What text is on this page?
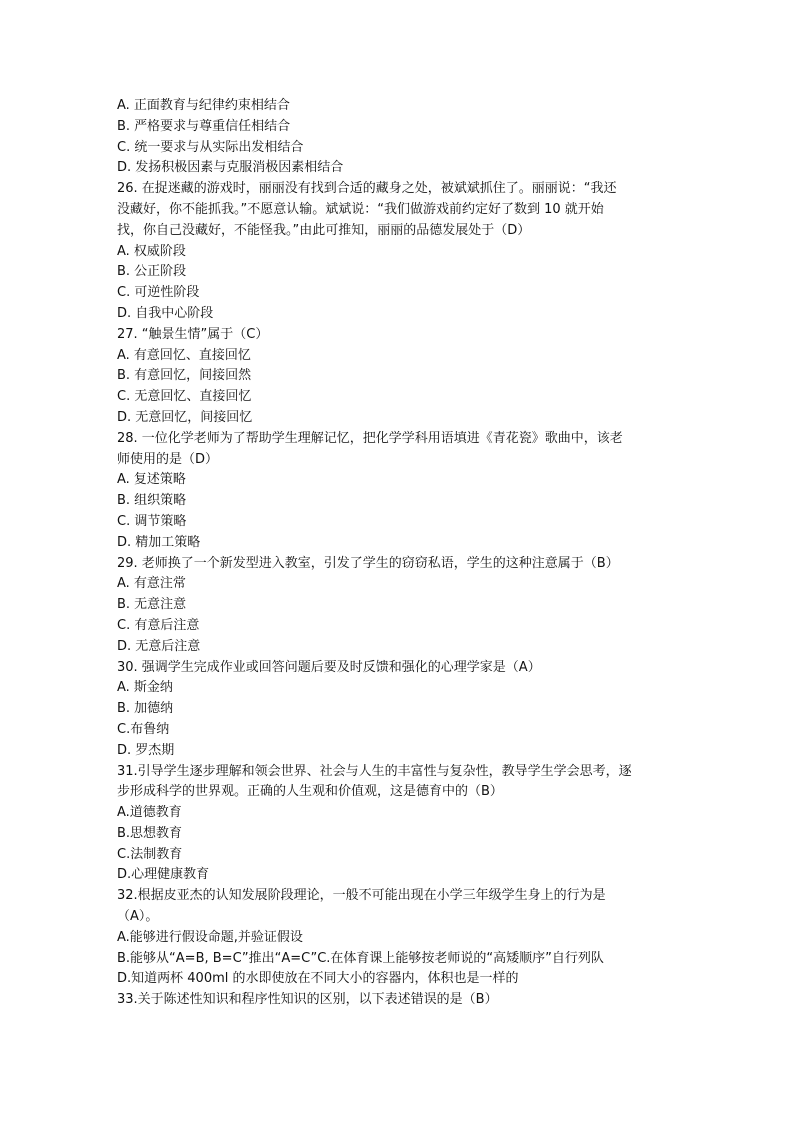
A. 正面教育与纪律约束相结合
B. 严格要求与尊重信任相结合
C. 统一要求与从实际出发相结合
D. 发扬积极因素与克服消极因素相结合
26. 在捉迷藏的游戏时，丽丽没有找到合适的藏身之处，被斌斌抓住了。丽丽说：“我还
没藏好，你不能抓我。”不愿意认输。斌斌说：“我们做游戏前约定好了数到 10 就开始
找，你自己没藏好，不能怪我。”由此可推知，丽丽的品德发展处于（D）
A. 权威阶段
B. 公正阶段
C. 可逆性阶段
D. 自我中心阶段
27. “触景生情”属于（C）
A. 有意回忆、直接回忆
B. 有意回忆，间接回然
C. 无意回忆、直接回忆
D. 无意回忆，间接回忆
28. 一位化学老师为了帮助学生理解记忆，把化学学科用语填进《青花瓷》歌曲中，该老
师使用的是（D）
A. 复述策略
B. 组织策略
C. 调节策略
D. 精加工策略
29. 老师换了一个新发型进入教室，引发了学生的窃窃私语，学生的这种注意属于（B）
A. 有意注常
B. 无意注意
C. 有意后注意
D. 无意后注意
30. 强调学生完成作业或回答问题后要及时反馈和强化的心理学家是（A）
A. 斯金纳
B. 加德纳
C.布鲁纳
D. 罗杰期
31.引导学生逐步理解和领会世界、社会与人生的丰富性与复杂性，教导学生学会思考，逐
步形成科学的世界观。正确的人生观和价值观，这是德育中的（B）
A.道德教育
B.思想教育
C.法制教育
D.心理健康教育
32.根据皮亚杰的认知发展阶段理论，一般不可能出现在小学三年级学生身上的行为是
（A）。
A.能够进行假设命题,并验证假设
B.能够从“A=B, B=C”推出“A=C”C.在体育课上能够按老师说的“高矮顺序”自行列队
D.知道两杯 400ml 的水即使放在不同大小的容器内，体积也是一样的
33.关于陈述性知识和程序性知识的区别，以下表述错误的是（B）
